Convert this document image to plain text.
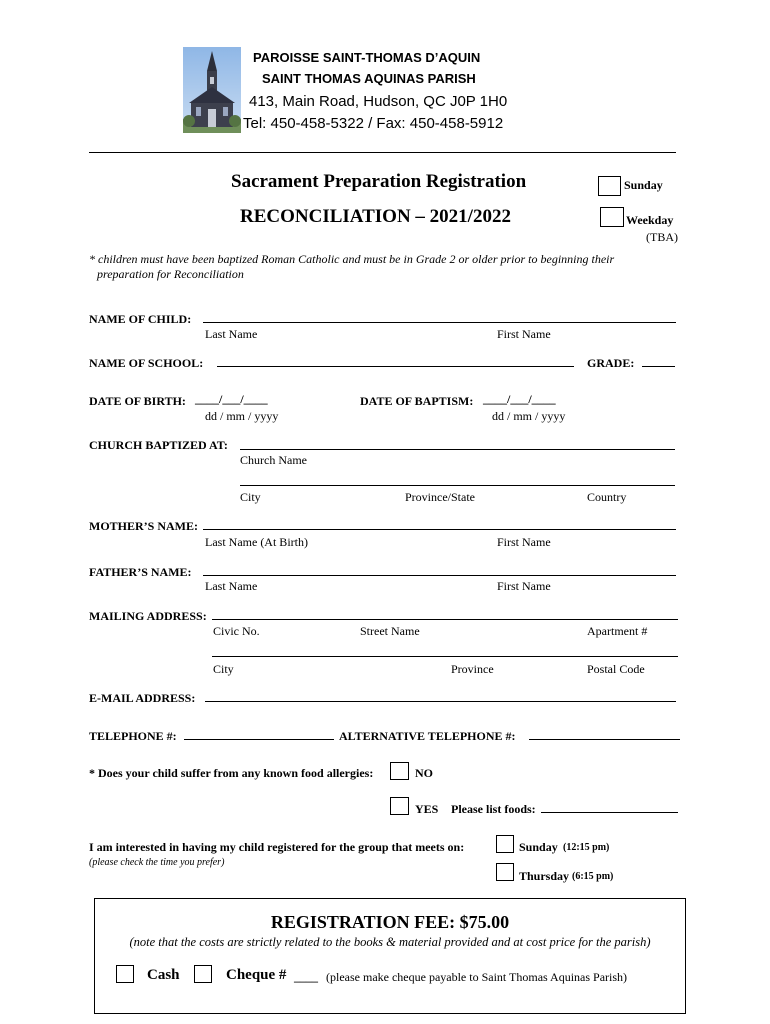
PAROISSE SAINT-THOMAS D’AQUIN
SAINT THOMAS AQUINAS PARISH
413, Main Road, Hudson, QC J0P 1H0
Tel: 450-458-5322 / Fax: 450-458-5912
Sacrament Preparation Registration
RECONCILIATION – 2021/2022
Sunday
Weekday
(TBA)
* children must have been baptized Roman Catholic and must be in Grade 2 or older prior to beginning their
preparation for Reconciliation
NAME OF CHILD:
Last Name	First Name
NAME OF SCHOOL:	GRADE:
DATE OF BIRTH: ____/___/____
dd / mm / yyyy
DATE OF BAPTISM: ____/___/____
dd / mm / yyyy
CHURCH BAPTIZED AT:
Church Name
City	Province/State	Country
MOTHER’S NAME:
Last Name (At Birth)	First Name
FATHER’S NAME:
Last Name	First Name
MAILING ADDRESS:
Civic No.	Street Name	Apartment #
City	Province	Postal Code
E-MAIL ADDRESS:
TELEPHONE #:	ALTERNATIVE TELEPHONE #:
* Does your child suffer from any known food allergies:	NO
YES Please list foods:
I am interested in having my child registered for the group that meets on:
(please check the time you prefer)
Sunday (12:15 pm)
Thursday (6:15 pm)
REGISTRATION FEE: $75.00
(note that the costs are strictly related to the books & material provided and at cost price for the parish)
Cash	Cheque # ____ (please make cheque payable to Saint Thomas Aquinas Parish)
